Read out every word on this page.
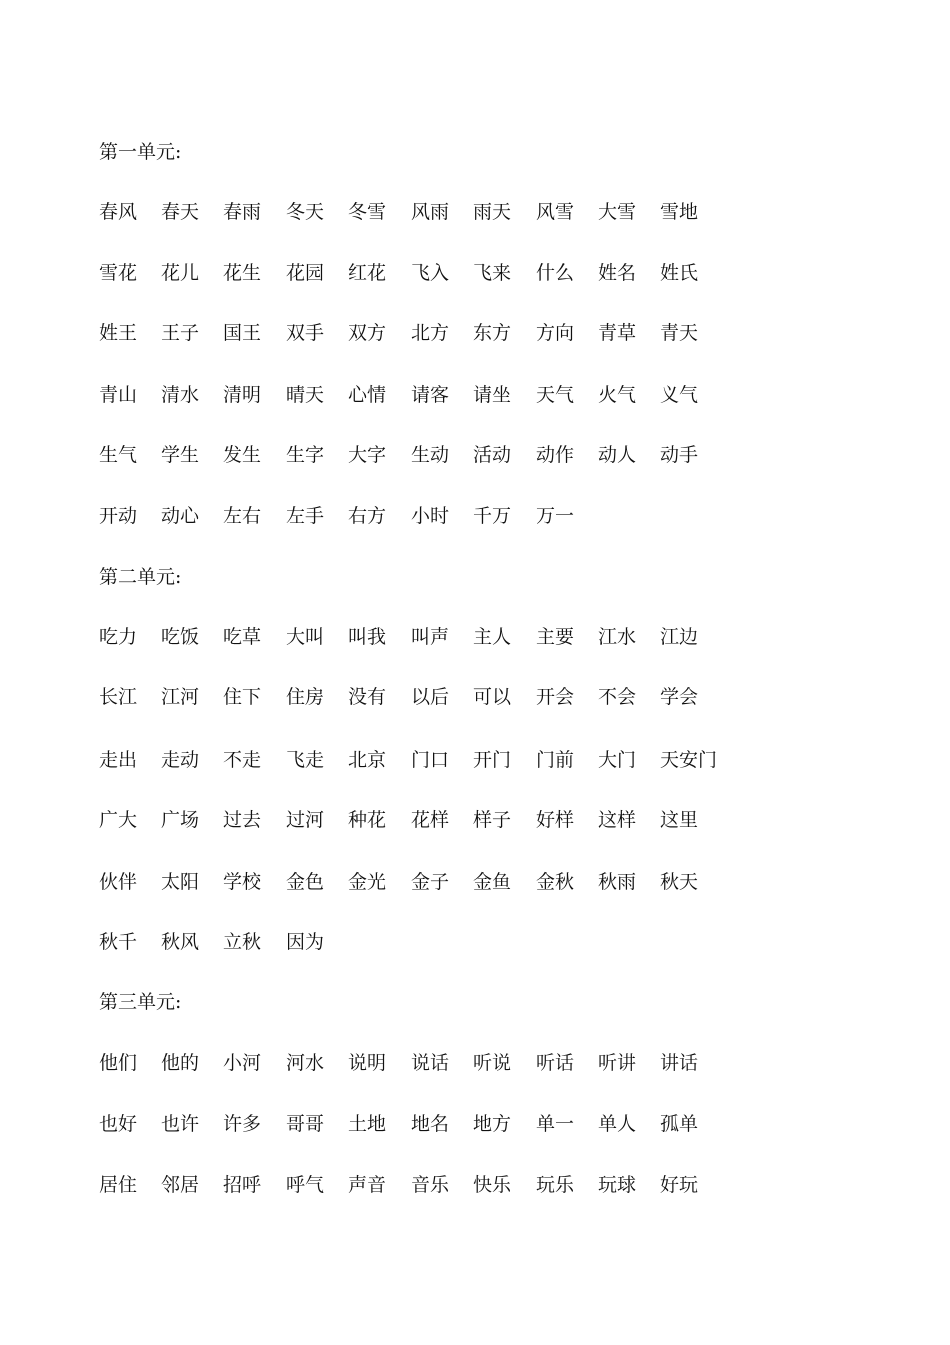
第一单元:
春风 春天 春雨 冬天 冬雪 风雨 雨天 风雪 大雪 雪地
雪花 花儿 花生 花园 红花 飞入 飞来 什么 姓名 姓氏
姓王 王子 国王 双手 双方 北方 东方 方向 青草 青天
青山 清水 清明 晴天 心情 请客 请坐 天气 火气 义气
生气 学生 发生 生字 大字 生动 活动 动作 动人 动手
开动 动心 左右 左手 右方 小时 千万 万一
第二单元:
吃力 吃饭 吃草 大叫 叫我 叫声 主人 主要 江水 江边
长江 江河 住下 住房 没有 以后 可以 开会 不会 学会
走出 走动 不走 飞走 北京 门口 开门 门前 大门 天安门
广大 广场 过去 过河 种花 花样 样子 好样 这样 这里
伙伴 太阳 学校 金色 金光 金子 金鱼 金秋 秋雨 秋天
秋千 秋风 立秋 因为
第三单元:
他们 他的 小河 河水 说明 说话 听说 听话 听讲 讲话
也好 也许 许多 哥哥 土地 地名 地方 单一 单人 孤单
居住 邻居 招呼 呼气 声音 音乐 快乐 玩乐 玩球 好玩
